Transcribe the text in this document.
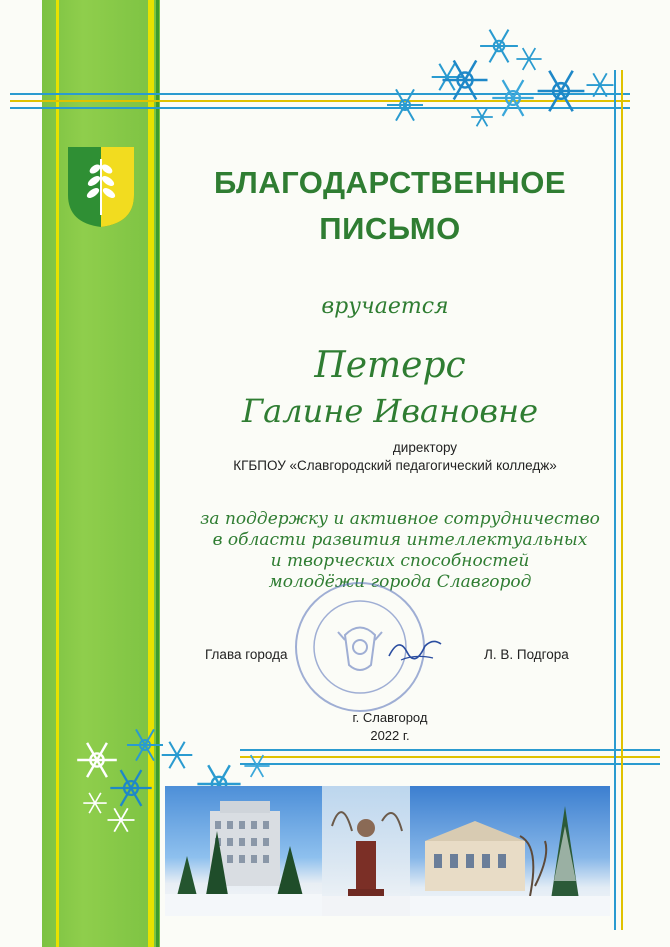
БЛАГОДАРСТВЕННОЕ
ПИСЬМО
вручается
Петерс
Галине Ивановне
директору
КГБПОУ «Славгородский педагогический колледж»
за поддержку и активное сотрудничество
в области развития интеллектуальных
и творческих способностей
молодёжи города Славгород
Глава города	Л. В. Подгора
г. Славгород
2022 г.
